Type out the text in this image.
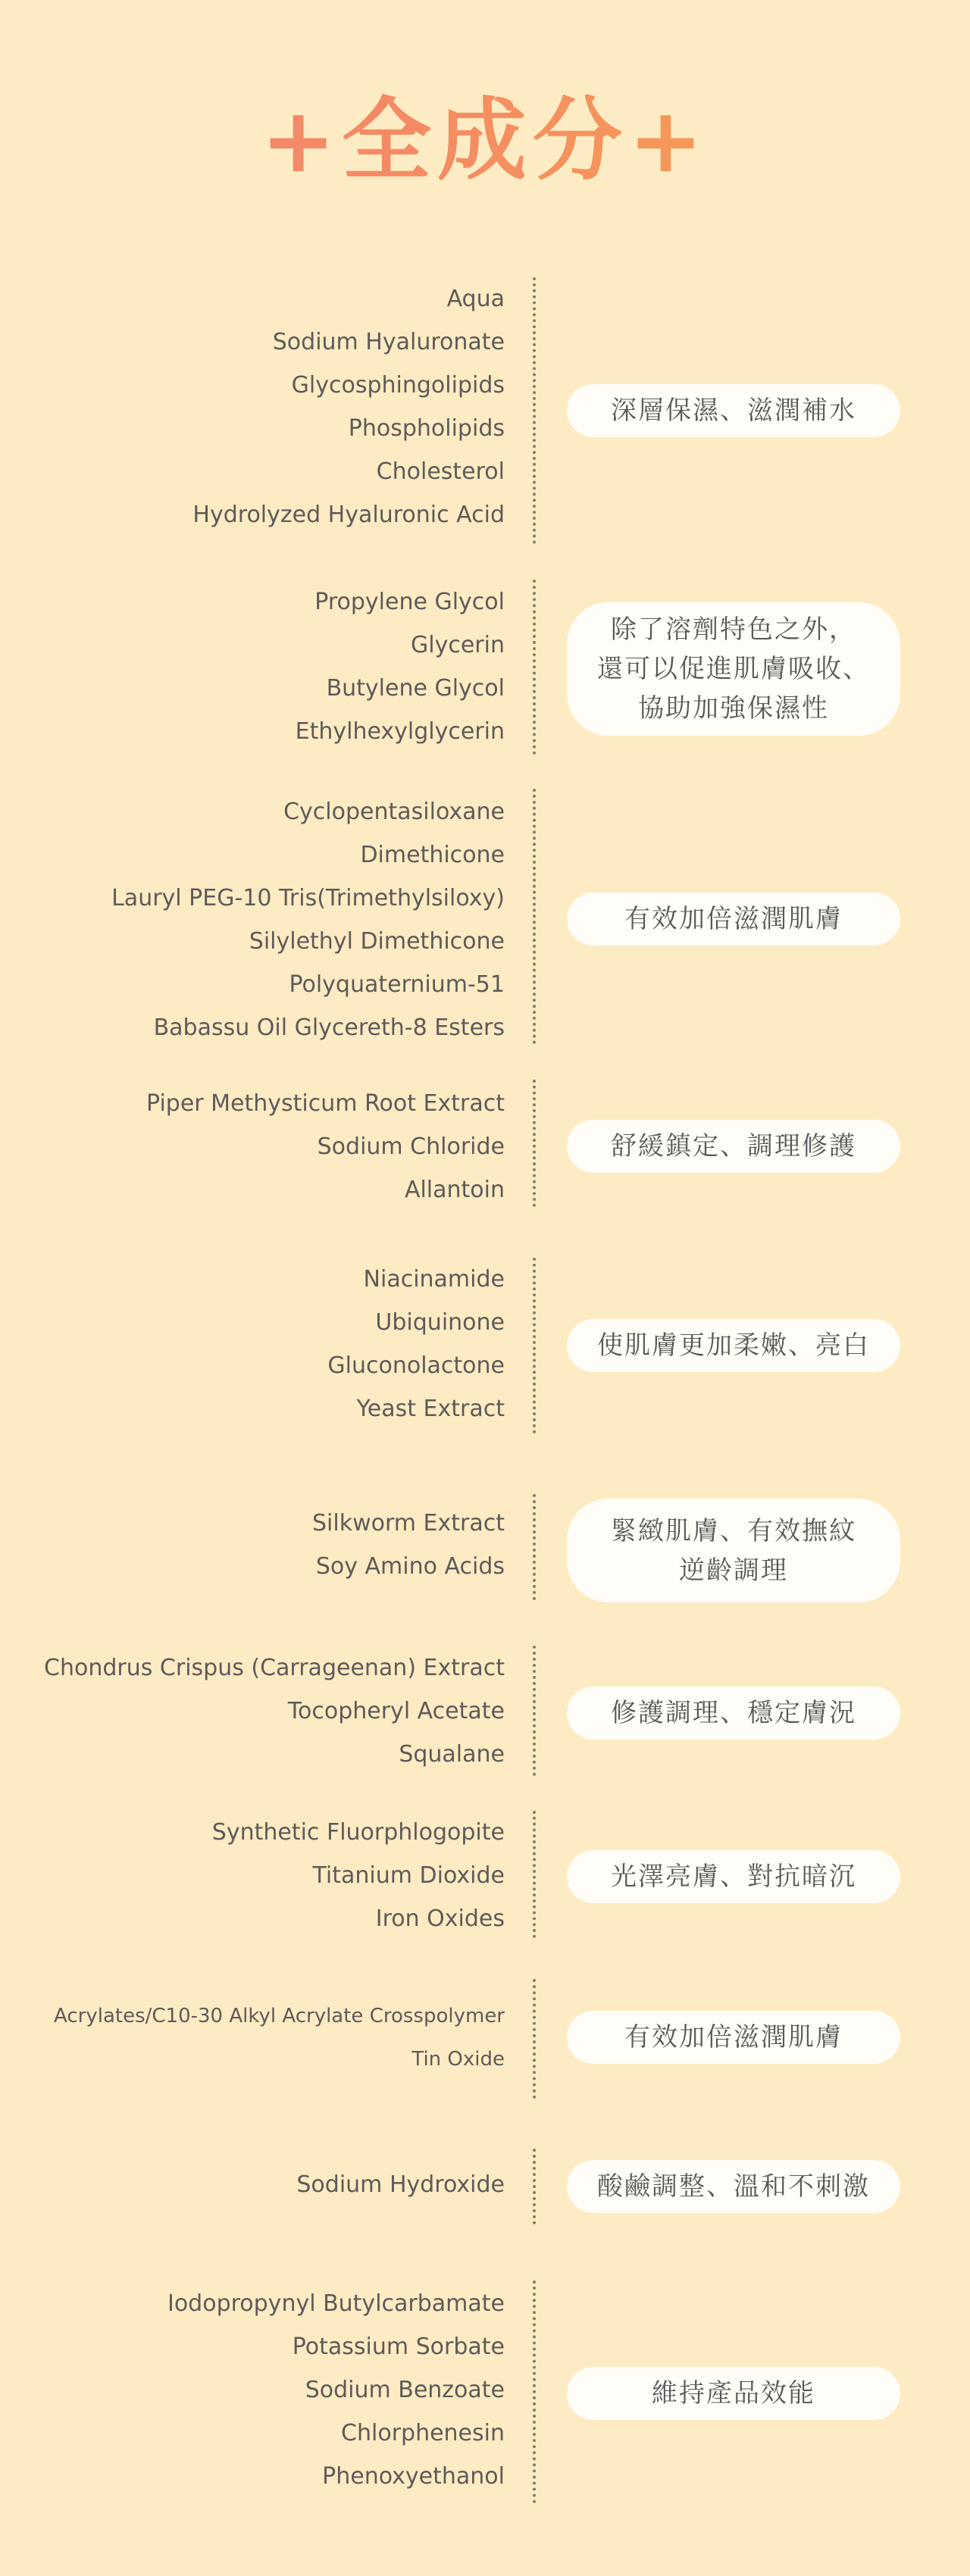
+全成分+
Aqua
Sodium Hyaluronate
Glycosphingolipids
Phospholipids
Cholesterol
Hydrolyzed Hyaluronic Acid
深層保濕、滋潤補水
Propylene Glycol
Glycerin
Butylene Glycol
Ethylhexylglycerin
除了溶劑特色之外，
還可以促進肌膚吸收、
協助加強保濕性
Cyclopentasiloxane
Dimethicone
Lauryl PEG-10 Tris(Trimethylsiloxy)
Silylethyl Dimethicone
Polyquaternium-51
Babassu Oil Glycereth-8 Esters
有效加倍滋潤肌膚
Piper Methysticum Root Extract
Sodium Chloride
Allantoin
舒緩鎮定、調理修護
Niacinamide
Ubiquinone
Gluconolactone
Yeast Extract
使肌膚更加柔嫩、亮白
Silkworm Extract
Soy Amino Acids
緊緻肌膚、有效撫紋
逆齡調理
Chondrus Crispus (Carrageenan) Extract
Tocopheryl Acetate
Squalane
修護調理、穩定膚況
Synthetic Fluorphlogopite
Titanium Dioxide
Iron Oxides
光澤亮膚、對抗暗沉
Acrylates/C10-30 Alkyl Acrylate Crosspolymer
Tin Oxide
有效加倍滋潤肌膚
Sodium Hydroxide	酸鹼調整、溫和不刺激
Iodopropynyl Butylcarbamate
Potassium Sorbate
Sodium Benzoate
Chlorphenesin
Phenoxyethanol
維持產品效能
